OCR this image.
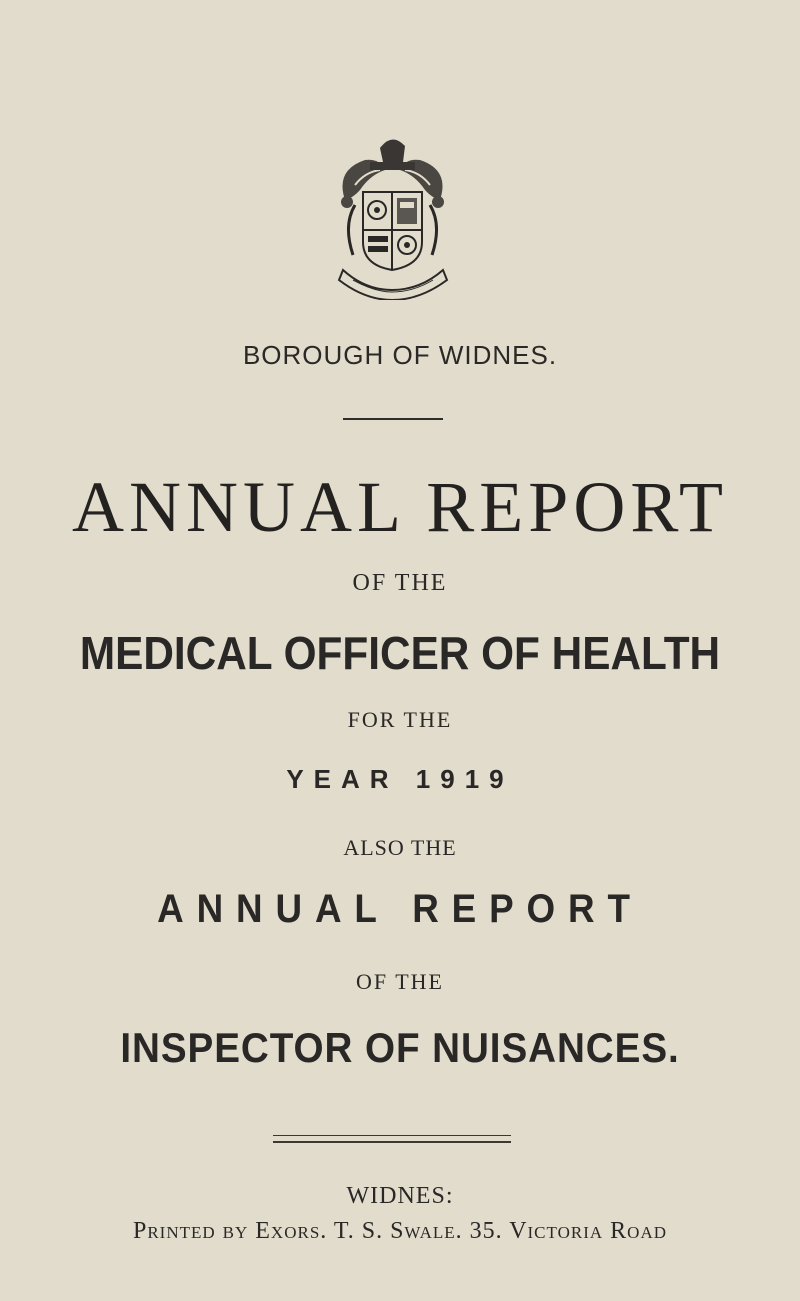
BOROUGH OF WIDNES.
ANNUAL REPORT
OF THE
MEDICAL OFFICER OF HEALTH
FOR THE
YEAR 1919
ALSO THE
ANNUAL REPORT
OF THE
INSPECTOR OF NUISANCES.
WIDNES:
Printed by Exors. T. S. Swale. 35. Victoria Road
